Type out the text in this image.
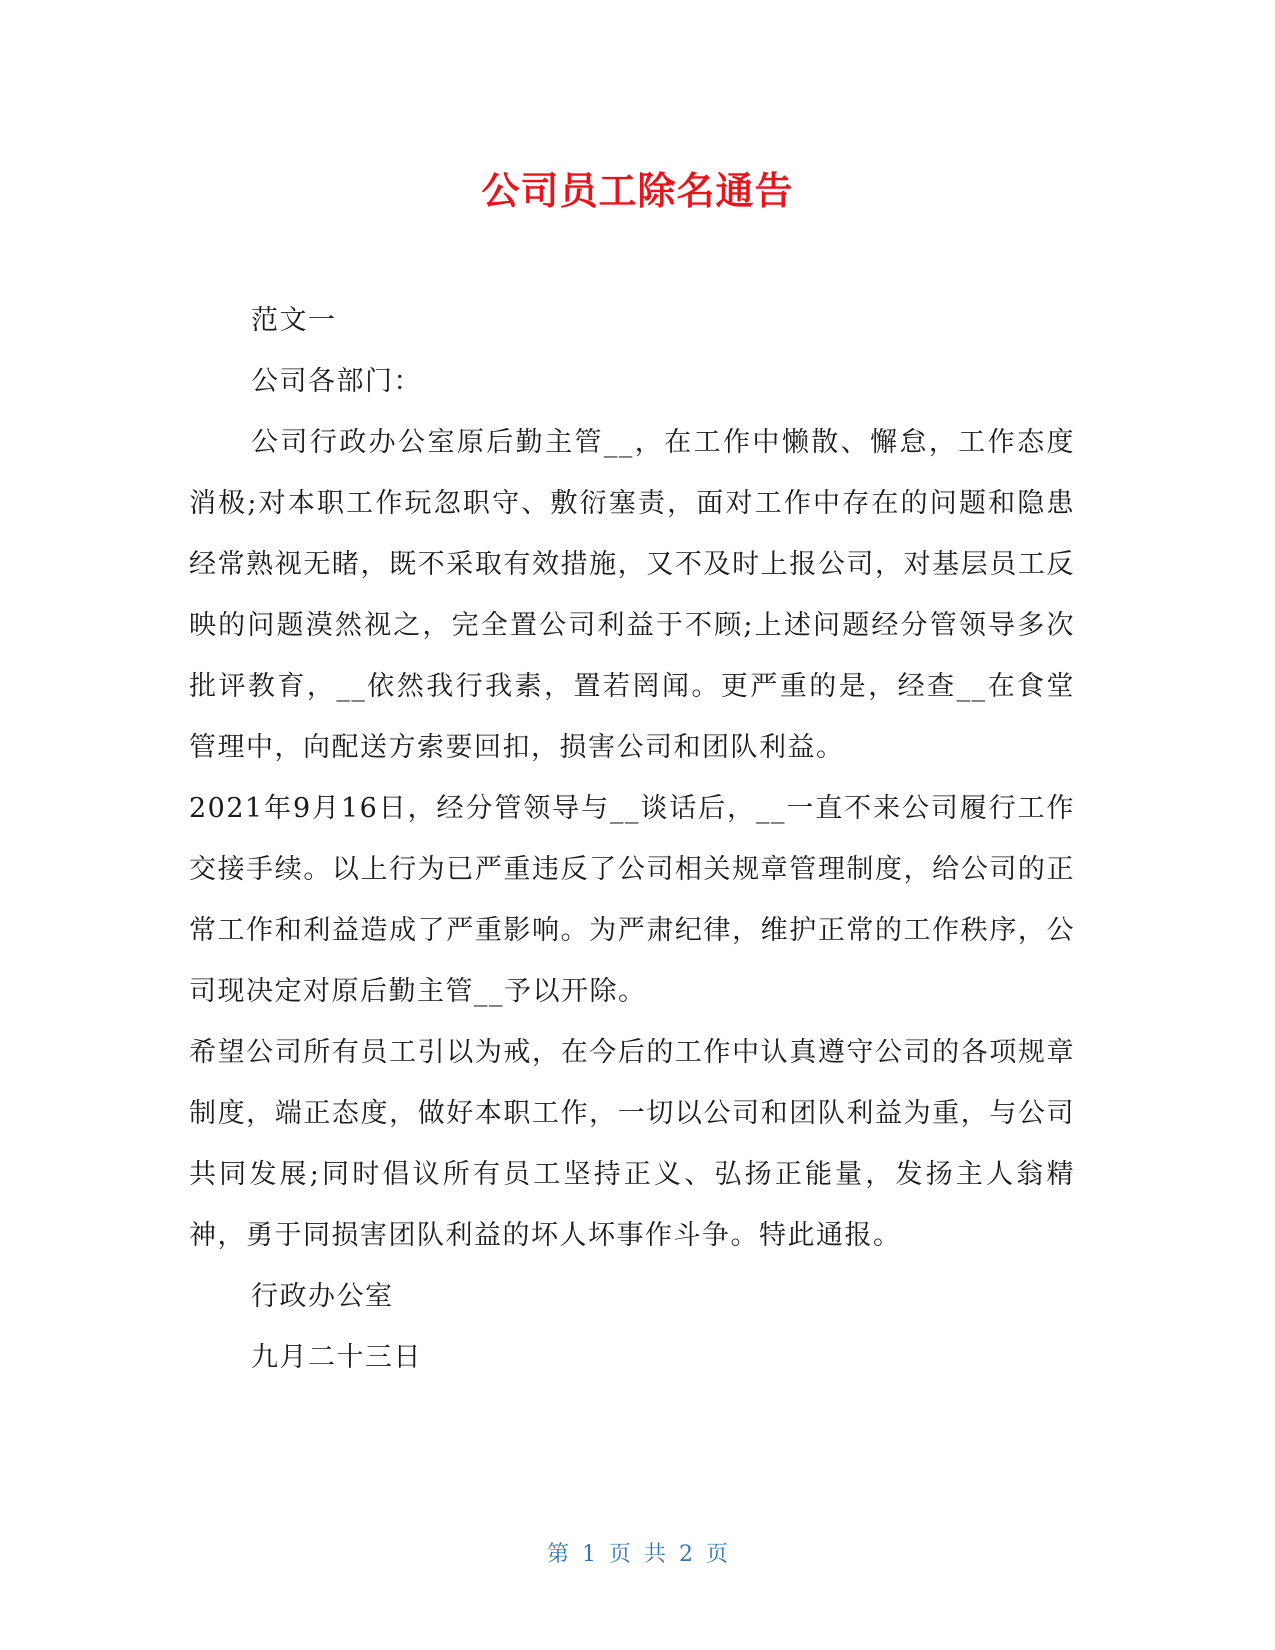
公司员工除名通告

范文一

公司各部门：

公司行政办公室原后勤主管__，在工作中懒散、懈怠，工作态度消极;对本职工作玩忽职守、敷衍塞责，面对工作中存在的问题和隐患经常熟视无睹，既不采取有效措施，又不及时上报公司，对基层员工反映的问题漠然视之，完全置公司利益于不顾;上述问题经分管领导多次批评教育，__依然我行我素，置若罔闻。更严重的是，经查__在食堂管理中，向配送方索要回扣，损害公司和团队利益。

2021年9月16日，经分管领导与__谈话后，__一直不来公司履行工作交接手续。以上行为已严重违反了公司相关规章管理制度，给公司的正常工作和利益造成了严重影响。为严肃纪律，维护正常的工作秩序，公司现决定对原后勤主管__予以开除。

希望公司所有员工引以为戒，在今后的工作中认真遵守公司的各项规章制度，端正态度，做好本职工作，一切以公司和团队利益为重，与公司共同发展;同时倡议所有员工坚持正义、弘扬正能量，发扬主人翁精神，勇于同损害团队利益的坏人坏事作斗争。特此通报。

行政办公室

九月二十三日

第 1 页 共 2 页
